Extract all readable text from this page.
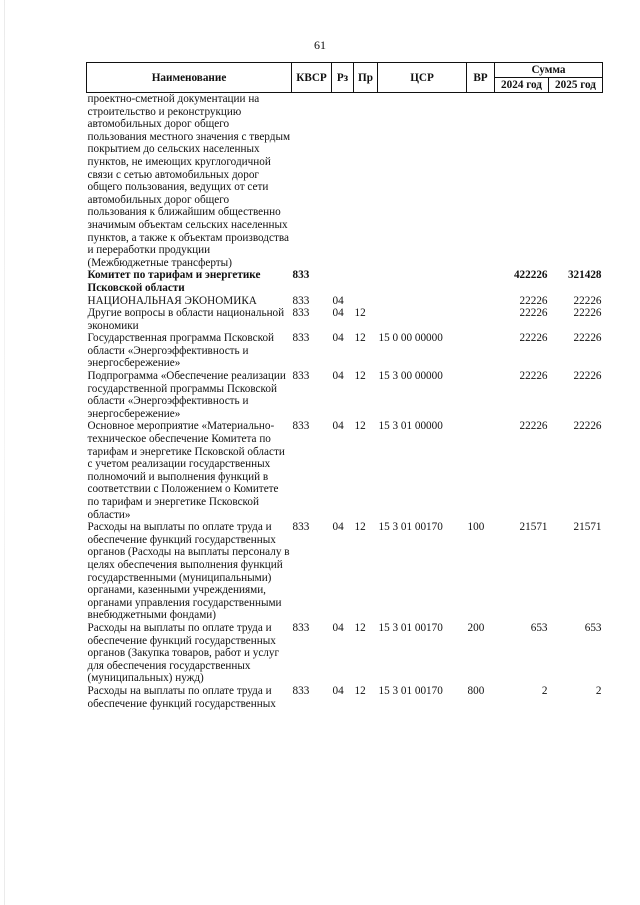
61
Наименование	КВСР	Рз	Пр	ЦСР	ВР	Сумма	
						2024 год	2025 год
проектно-сметной документации на строительство и реконструкцию автомобильных дорог общего пользования местного значения с твердым покрытием до сельских населенных пунктов, не имеющих круглогодичной связи с сетью автомобильных дорог общего пользования, ведущих от сети автомобильных дорог общего пользования к ближайшим общественно значимым объектам сельских населенных пунктов, а также к объектам производства и переработки продукции (Межбюджетные трансферты)							
Комитет по тарифам и энергетике Псковской области	833					422226	321428
НАЦИОНАЛЬНАЯ ЭКОНОМИКА	833	04				22226	22226
Другие вопросы в области национальной экономики	833	04	12			22226	22226
Государственная программа Псковской области «Энергоэффективность и энергосбережение»	833	04	12	15 0 00 00000		22226	22226
Подпрограмма «Обеспечение реализации государственной программы Псковской области «Энергоэффективность и энергосбережение»	833	04	12	15 3 00 00000		22226	22226
Основное мероприятие «Материально-техническое обеспечение Комитета по тарифам и энергетике Псковской области с учетом реализации государственных полномочий и выполнения функций в соответствии с Положением о Комитете по тарифам и энергетике Псковской области»	833	04	12	15 3 01 00000		22226	22226
Расходы на выплаты по оплате труда и обеспечение функций государственных органов (Расходы на выплаты персоналу в целях обеспечения выполнения функций государственными (муниципальными) органами, казенными учреждениями, органами управления государственными внебюджетными фондами)	833	04	12	15 3 01 00170	100	21571	21571
Расходы на выплаты по оплате труда и обеспечение функций государственных органов (Закупка товаров, работ и услуг для обеспечения государственных (муниципальных) нужд)	833	04	12	15 3 01 00170	200	653	653
Расходы на выплаты по оплате труда и обеспечение функций государственных	833	04	12	15 3 01 00170	800	2	2
